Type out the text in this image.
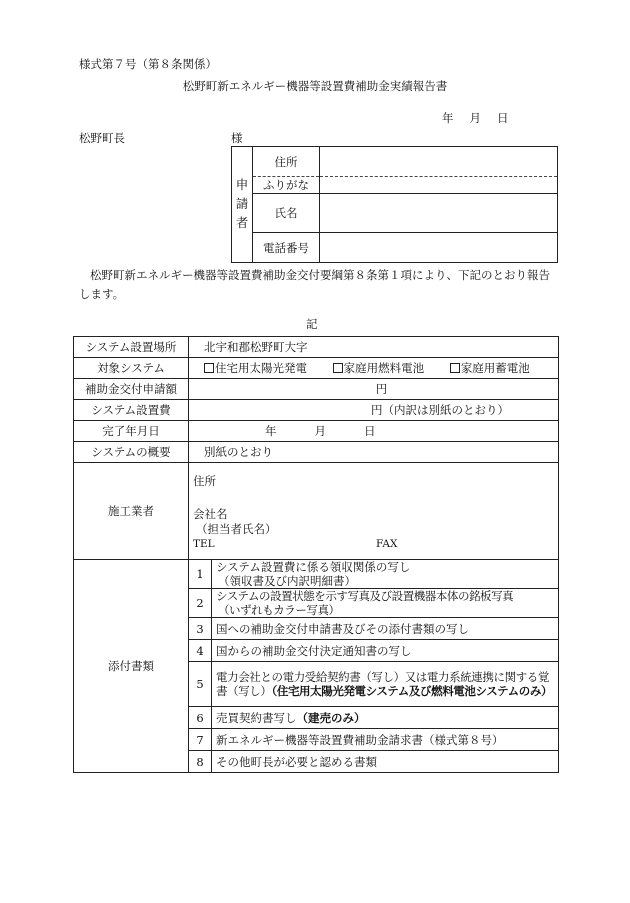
様式第７号（第８条関係）
松野町新エネルギー機器等設置費補助金実績報告書
年 月 日
松野町長	様
申
請
者	住所	
	ふりがな	
	氏名	
	電話番号	
松野町新エネルギー機器等設置費補助金交付要綱第８条第１項により、下記のとおり報告します。
記
システム設置場所	北宇和郡松野町大字	
対象システム	住宅用太陽光発電 家庭用燃料電池 家庭用蓄電池	
補助金交付申請額	円	
システム設置費	円（内訳は別紙のとおり）	
完了年月日	年 月 日	
システムの概要	別紙のとおり	
施工業者	住所
会社名
（担当者氏名）
TEL FAX	

添付書類	1	システム設置費に係る領収関係の写し
（領収書及び内訳明細書）
	2	システムの設置状態を示す写真及び設置機器本体の銘板写真
（いずれもカラー写真）
	3	国への補助金交付申請書及びその添付書類の写し
	4	国からの補助金交付決定通知書の写し
	5	電力会社との電力受給契約書（写し）又は電力系統連携に関する覚書（写し）（住宅用太陽光発電システム及び燃料電池システムのみ）
	6	売買契約書写し（建売のみ）
	7	新エネルギー機器等設置費補助金請求書（様式第８号）
	8	その他町長が必要と認める書類
